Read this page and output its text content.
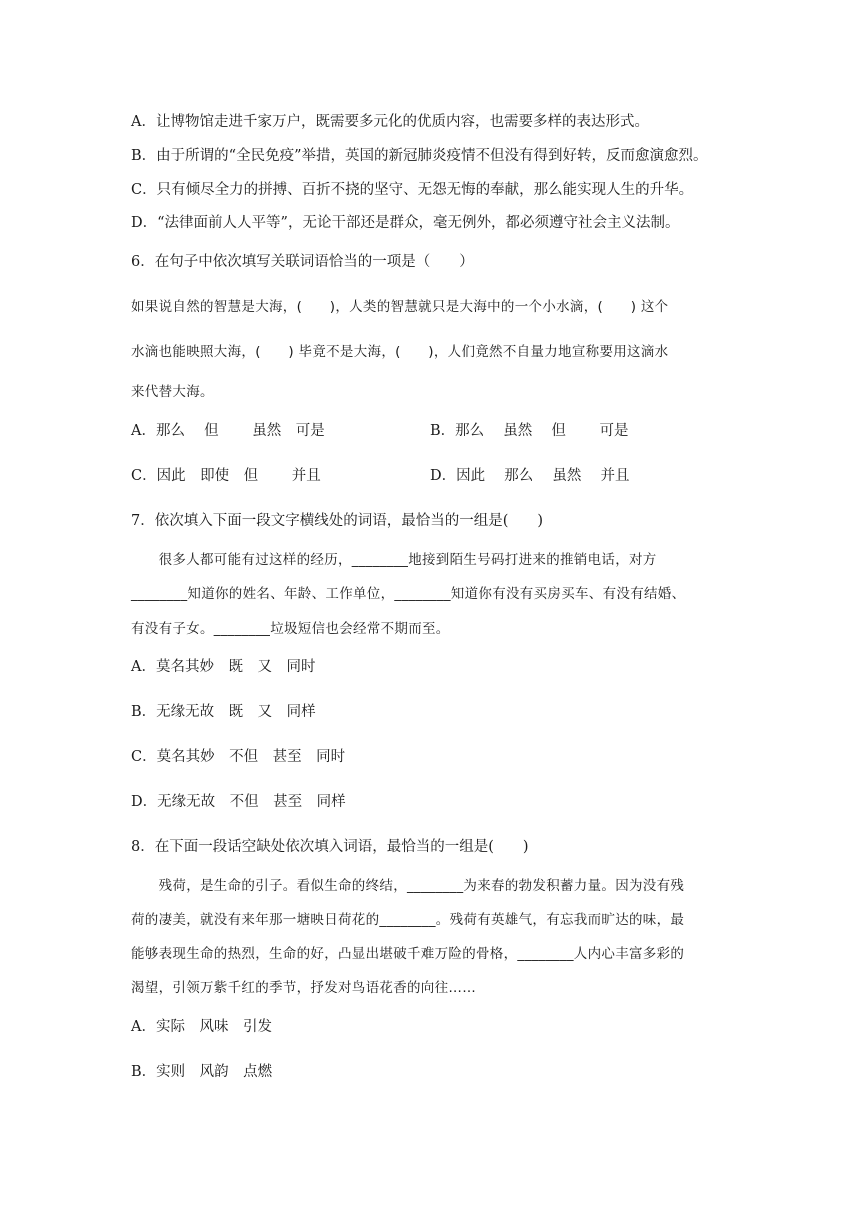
A．让博物馆走进千家万户，既需要多元化的优质内容，也需要多样的表达形式。
B．由于所谓的“全民免疫”举措，英国的新冠肺炎疫情不但没有得到好转，反而愈演愈烈。
C．只有倾尽全力的拼搏、百折不挠的坚守、无怨无悔的奉献，那么能实现人生的升华。
D．“法律面前人人平等”，无论干部还是群众，毫无例外，都必须遵守社会主义法制。
6．在句子中依次填写关联词语恰当的一项是（　　）
如果说自然的智慧是大海，(　　)，人类的智慧就只是大海中的一个小水滴，(　　) 这个
水滴也能映照大海，(　　) 毕竟不是大海，(　　)，人们竟然不自量力地宣称要用这滴水
来代替大海。
A．那么　 但　　 虽然　可是	B．那么　 虽然　 但　　 可是
C．因此　即使　但　　 并且	D．因此　 那么　 虽然　 并且
7．依次填入下面一段文字横线处的词语，最恰当的一组是(　　)
　　很多人都可能有过这样的经历，________地接到陌生号码打进来的推销电话，对方
________知道你的姓名、年龄、工作单位，________知道你有没有买房买车、有没有结婚、
有没有子女。________垃圾短信也会经常不期而至。
A．莫名其妙　既　又　同时
B．无缘无故　既　又　同样
C．莫名其妙　不但　甚至　同时
D．无缘无故　不但　甚至　同样
8．在下面一段话空缺处依次填入词语，最恰当的一组是(　　)
　　残荷，是生命的引子。看似生命的终结，________为来春的勃发积蓄力量。因为没有残
荷的凄美，就没有来年那一塘映日荷花的________。残荷有英雄气，有忘我而旷达的味，最
能够表现生命的热烈，生命的好，凸显出堪破千难万险的骨格，________人内心丰富多彩的
渴望，引领万紫千红的季节，抒发对鸟语花香的向往……
A．实际　风味　引发
B．实则　风韵　点燃
